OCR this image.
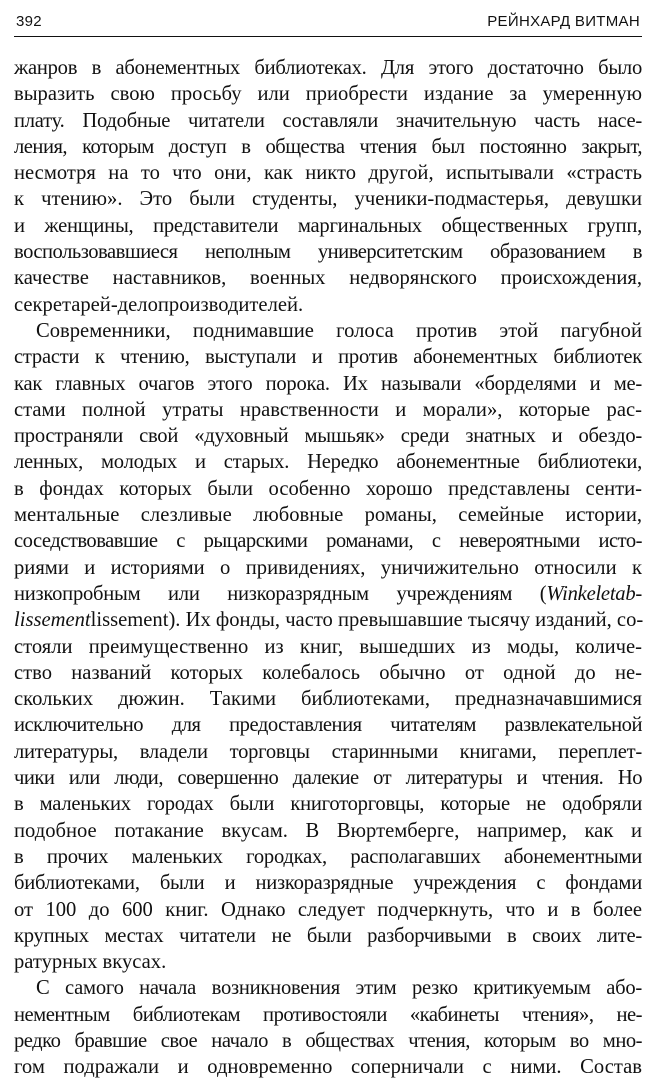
392	РЕЙНХАРД ВИТМАН
жанров в абонементных библиотеках. Для этого достаточно было
выразить свою просьбу или приобрести издание за умеренную
плату. Подобные читатели составляли значительную часть насе-
ления, которым доступ в общества чтения был постоянно закрыт,
несмотря на то что они, как никто другой, испытывали «страсть
к чтению». Это были студенты, ученики-подмастерья, девушки
и женщины, представители маргинальных общественных групп,
воспользовавшиеся неполным университетским образованием в
качестве наставников, военных недворянского происхождения,
секретарей-делопроизводителей.
Современники, поднимавшие голоса против этой пагубной
страсти к чтению, выступали и против абонементных библиотек
как главных очагов этого порока. Их называли «борделями и ме-
стами полной утраты нравственности и морали», которые рас-
пространяли свой «духовный мышьяк» среди знатных и обездо-
ленных, молодых и старых. Нередко абонементные библиотеки,
в фондах которых были особенно хорошо представлены сенти-
ментальные слезливые любовные романы, семейные истории,
соседствовавшие с рыцарскими романами, с невероятными исто-
риями и историями о привидениях, уничижительно относили к
низкопробным или низкоразрядным учреждениям (Winkeletab-
lissementlissement). Их фонды, часто превышавшие тысячу изданий, со-
стояли преимущественно из книг, вышедших из моды, количе-
ство названий которых колебалось обычно от одной до не-
скольких дюжин. Такими библиотеками, предназначавшимися
исключительно для предоставления читателям развлекательной
литературы, владели торговцы старинными книгами, переплет-
чики или люди, совершенно далекие от литературы и чтения. Но
в маленьких городах были книготорговцы, которые не одобряли
подобное потакание вкусам. В Вюртемберге, например, как и
в прочих маленьких городках, располагавших абонементными
библиотеками, были и низкоразрядные учреждения с фондами
от 100 до 600 книг. Однако следует подчеркнуть, что и в более
крупных местах читатели не были разборчивыми в своих лите-
ратурных вкусах.
С самого начала возникновения этим резко критикуемым або-
нементным библиотекам противостояли «кабинеты чтения», не-
редко бравшие свое начало в обществах чтения, которым во мно-
гом подражали и одновременно соперничали с ними. Состав
